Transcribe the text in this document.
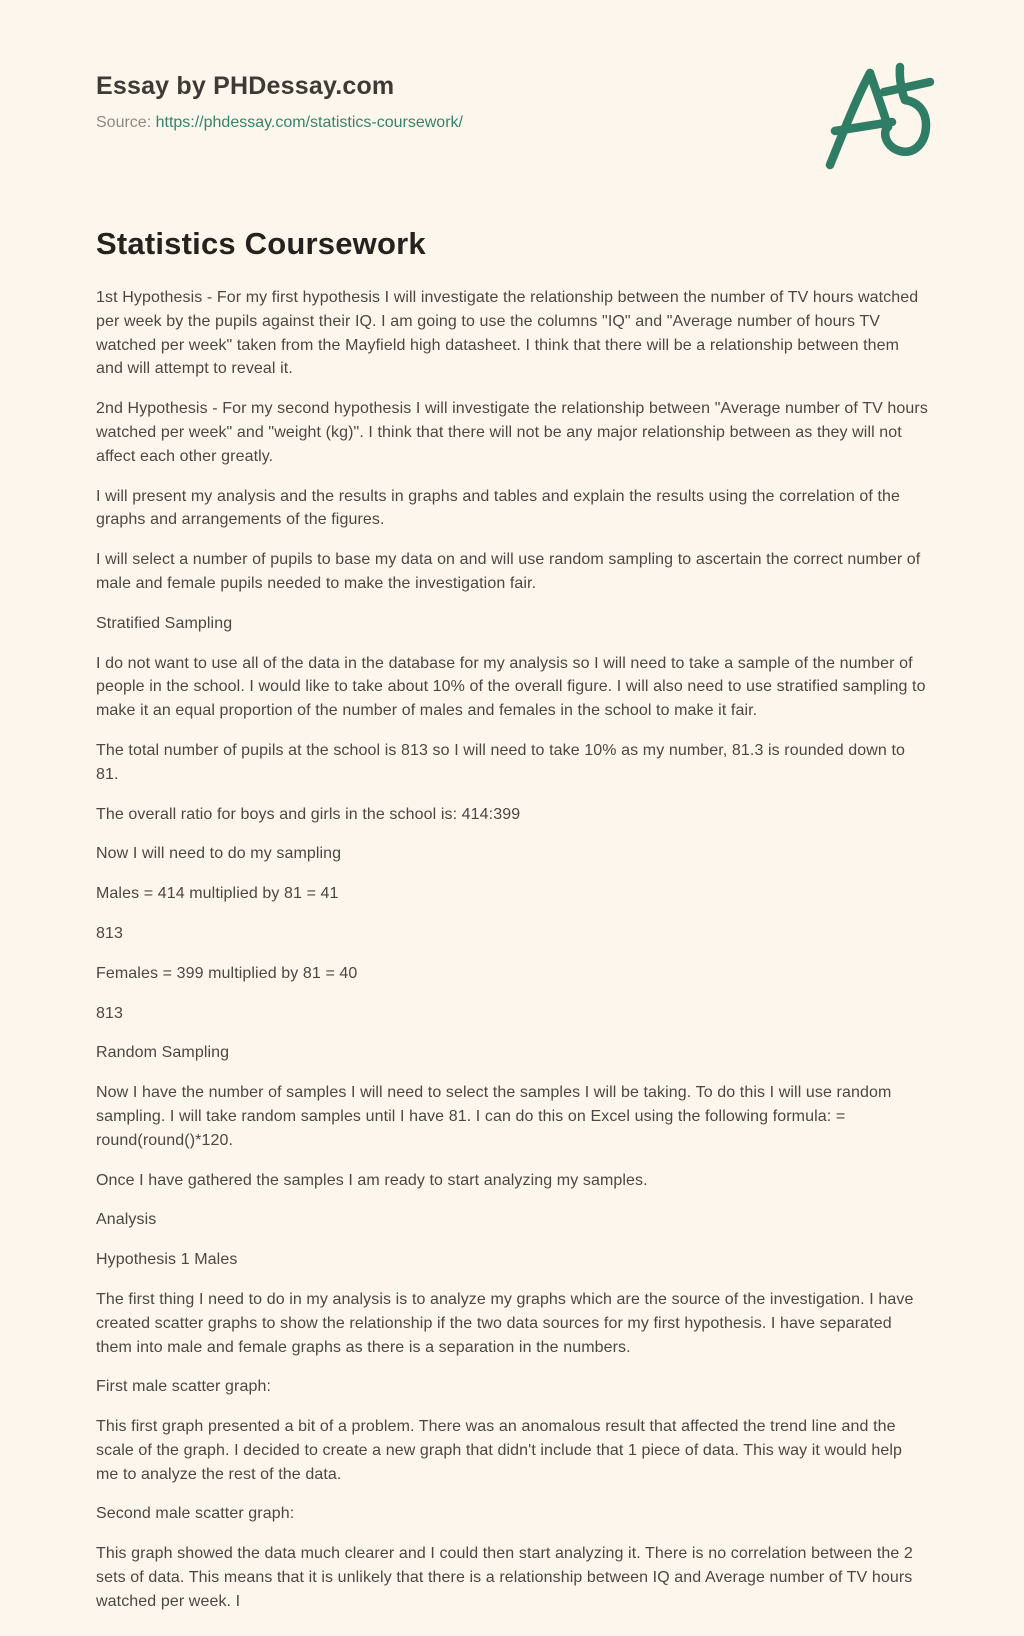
Essay by PHDessay.com
Source: https://phdessay.com/statistics-coursework/
Statistics Coursework

1st Hypothesis - For my first hypothesis I will investigate the relationship between the number of TV hours watched per week by the pupils against their IQ. I am going to use the columns "IQ" and "Average number of hours TV watched per week" taken from the Mayfield high datasheet. I think that there will be a relationship between them and will attempt to reveal it.

2nd Hypothesis - For my second hypothesis I will investigate the relationship between "Average number of TV hours watched per week" and "weight (kg)". I think that there will not be any major relationship between as they will not affect each other greatly.

I will present my analysis and the results in graphs and tables and explain the results using the correlation of the graphs and arrangements of the figures.

I will select a number of pupils to base my data on and will use random sampling to ascertain the correct number of male and female pupils needed to make the investigation fair.

Stratified Sampling

I do not want to use all of the data in the database for my analysis so I will need to take a sample of the number of people in the school. I would like to take about 10% of the overall figure. I will also need to use stratified sampling to make it an equal proportion of the number of males and females in the school to make it fair.

The total number of pupils at the school is 813 so I will need to take 10% as my number, 81.3 is rounded down to 81.

The overall ratio for boys and girls in the school is: 414:399

Now I will need to do my sampling

Males = 414 multiplied by 81 = 41

813

Females = 399 multiplied by 81 = 40

813

Random Sampling

Now I have the number of samples I will need to select the samples I will be taking. To do this I will use random sampling. I will take random samples until I have 81. I can do this on Excel using the following formula: = round(round()*120.

Once I have gathered the samples I am ready to start analyzing my samples.

Analysis

Hypothesis 1 Males

The first thing I need to do in my analysis is to analyze my graphs which are the source of the investigation. I have created scatter graphs to show the relationship if the two data sources for my first hypothesis. I have separated them into male and female graphs as there is a separation in the numbers.

First male scatter graph:

This first graph presented a bit of a problem. There was an anomalous result that affected the trend line and the scale of the graph. I decided to create a new graph that didn't include that 1 piece of data. This way it would help me to analyze the rest of the data.

Second male scatter graph:

This graph showed the data much clearer and I could then start analyzing it. There is no correlation between the 2 sets of data. This means that it is unlikely that there is a relationship between IQ and Average number of TV hours watched per week. I
